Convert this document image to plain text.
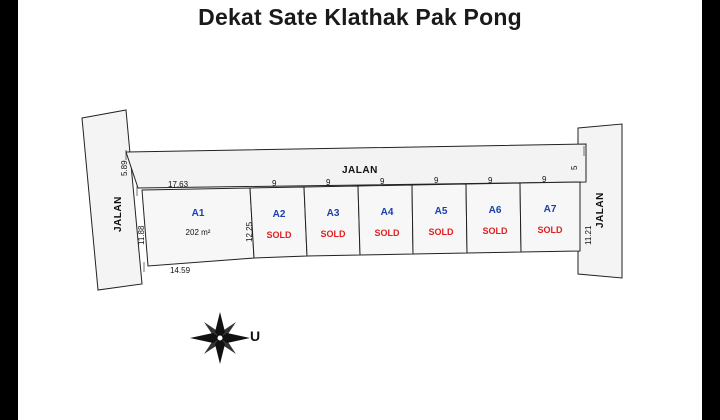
Dekat Sate Klathak Pak Pong
JALAN
JALAN	JALAN
A1
202 m²
A2
SOLD
A3
SOLD
A4
SOLD
A5
SOLD
A6
SOLD
A7
SOLD
5.89
11.88
17.63
14.59
12.25
9	9	9	9	9	9
11.21
5
U
